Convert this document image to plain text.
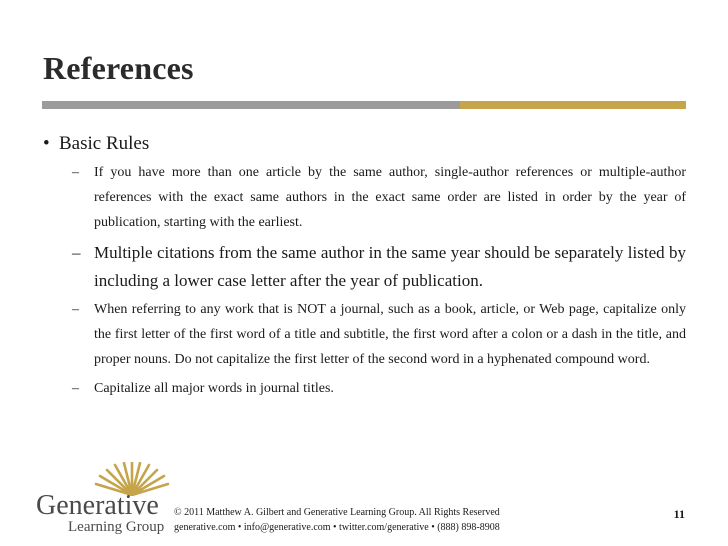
References
• Basic Rules
– If you have more than one article by the same author, single-author references or multiple-author references with the exact same authors in the exact same order are listed in order by the year of publication, starting with the earliest.
– Multiple citations from the same author in the same year should be separately listed by including a lower case letter after the year of publication.
– When referring to any work that is NOT a journal, such as a book, article, or Web page, capitalize only the first letter of the first word of a title and subtitle, the first word after a colon or a dash in the title, and proper nouns. Do not capitalize the first letter of the second word in a hyphenated compound word.
– Capitalize all major words in journal titles.
Generative
Learning Group
© 2011 Matthew A. Gilbert and Generative Learning Group. All Rights Reserved
generative.com • info@generative.com • twitter.com/generative • (888) 898-8908
11
